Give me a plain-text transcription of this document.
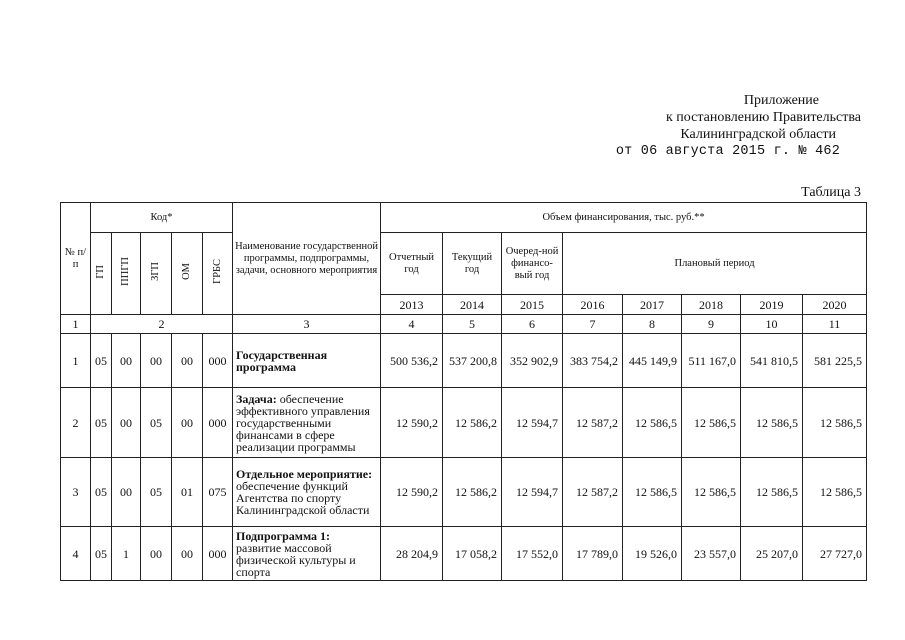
Приложение
к постановлению Правительства
Калининградской области
от 06 августа 2015 г. № 462
Таблица 3
№ п/п	Код*					Наименование государственной программы, подпрограммы, задачи, основного мероприятия	Объем финансирования, тыс. руб.**							
	ГП	ППГП	ЗГП	ОМ	ГРБС		Отчетный год	Текущий год	Очеред-ной финансо-вый год	Плановый период				
							2013	2014	2015	2016	2017	2018	2019	2020
1	2					3	4	5	6	7	8	9	10	11
1	05	00	00	00	000	Государственная программа	500 536,2	537 200,8	352 902,9	383 754,2	445 149,9	511 167,0	541 810,5	581 225,5
2	05	00	05	00	000	Задача: обеспечение эффективного управления государственными финансами в сфере реализации программы	12 590,2	12 586,2	12 594,7	12 587,2	12 586,5	12 586,5	12 586,5	12 586,5
3	05	00	05	01	075	Отдельное мероприятие: обеспечение функций Агентства по спорту Калининградской области	12 590,2	12 586,2	12 594,7	12 587,2	12 586,5	12 586,5	12 586,5	12 586,5
4	05	1	00	00	000	Подпрограмма 1: развитие массовой физической культуры и спорта	28 204,9	17 058,2	17 552,0	17 789,0	19 526,0	23 557,0	25 207,0	27 727,0
